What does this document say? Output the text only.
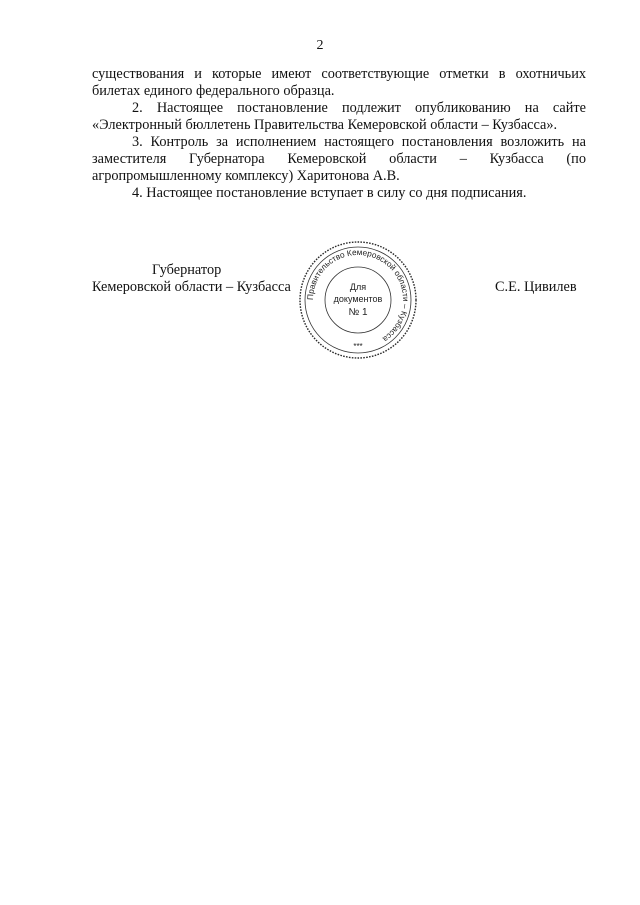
2

существования и которые имеют соответствующие отметки в охотничьих билетах единого федерального образца.

2. Настоящее постановление подлежит опубликованию на сайте «Электронный бюллетень Правительства Кемеровской области – Кузбасса».

3. Контроль за исполнением настоящего постановления возложить на заместителя Губернатора Кемеровской области – Кузбасса (по агропромышленному комплексу) Харитонова А.В.

4. Настоящее постановление вступает в силу со дня подписания.

Губернатор
Кемеровской области – Кузбасса	С.Е. Цивилев
Правительство Кемеровской области – Кузбасса
Для
документов
№ 1
***
